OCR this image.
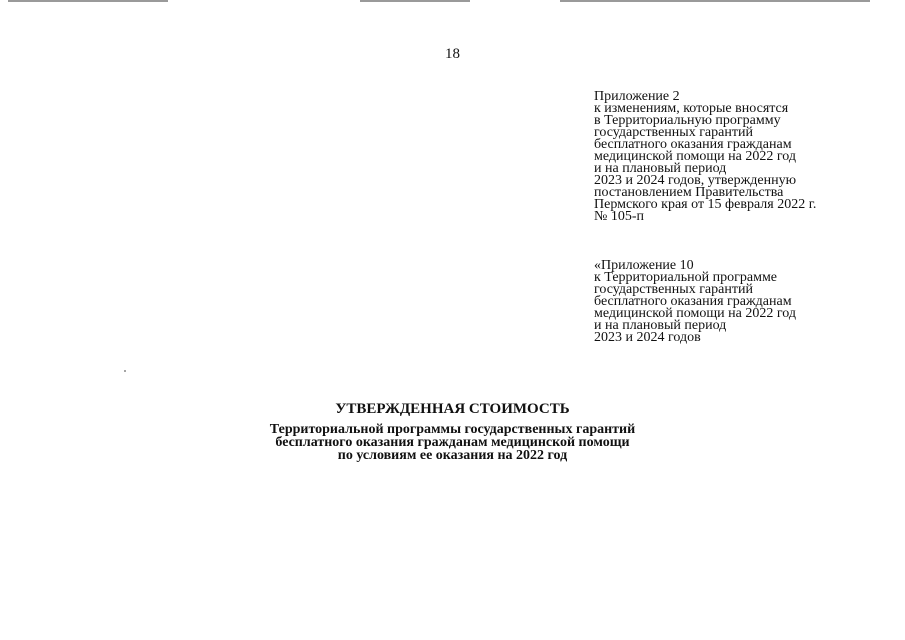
18
Приложение 2
к изменениям, которые вносятся
в Территориальную программу
государственных гарантий
бесплатного оказания гражданам
медицинской помощи на 2022 год
и на плановый период
2023 и 2024 годов, утвержденную
постановлением Правительства
Пермского края от 15 февраля 2022 г.
№ 105-п
«Приложение 10
к Территориальной программе
государственных гарантий
бесплатного оказания гражданам
медицинской помощи на 2022 год
и на плановый период
2023 и 2024 годов
УТВЕРЖДЕННАЯ СТОИМОСТЬ
Территориальной программы государственных гарантий
бесплатного оказания гражданам медицинской помощи
по условиям ее оказания на 2022 год
